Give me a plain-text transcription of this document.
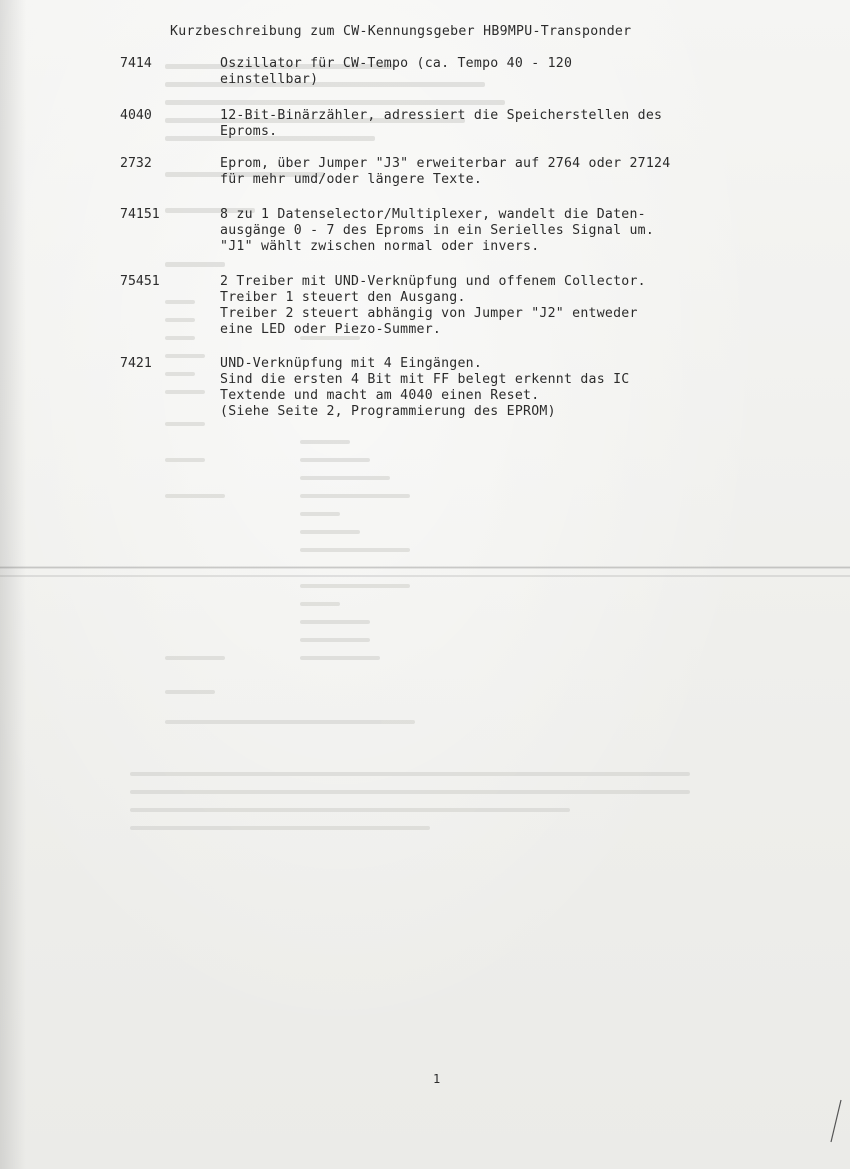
Kurzbeschreibung zum CW-Kennungsgeber HB9MPU-Transponder
7414	Oszillator für CW-Tempo (ca. Tempo 40 - 120
einstellbar)
4040	12-Bit-Binärzähler, adressiert die Speicherstellen des
Eproms.
2732	Eprom, über Jumper "J3" erweiterbar auf 2764 oder 27124
für mehr umd/oder längere Texte.
74151	8 zu 1 Datenselector/Multiplexer, wandelt die Daten-
ausgänge 0 - 7 des Eproms in ein Serielles Signal um.
"J1" wählt zwischen normal oder invers.
75451	2 Treiber mit UND-Verknüpfung und offenem Collector.
Treiber 1 steuert den Ausgang.
Treiber 2 steuert abhängig von Jumper "J2" entweder
eine LED oder Piezo-Summer.
7421	UND-Verknüpfung mit 4 Eingängen.
Sind die ersten 4 Bit mit FF belegt erkennt das IC
Textende und macht am 4040 einen Reset.
(Siehe Seite 2, Programmierung des EPROM)
1
